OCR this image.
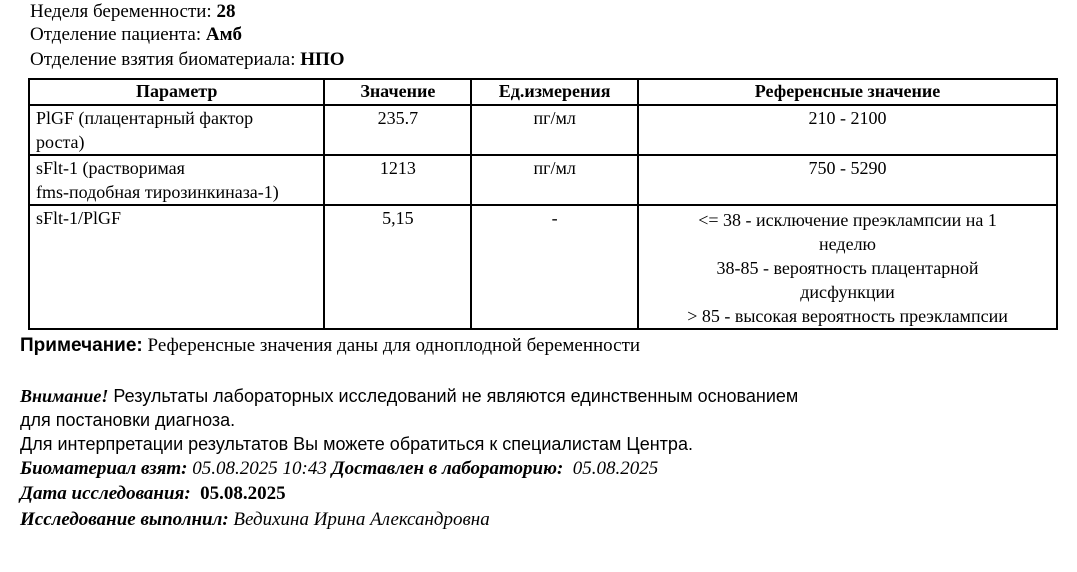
Неделя беременности: 28
Отделение пациента: Амб
Отделение взятия биоматериала: НПО
Параметр	Значение	Ед.измерения	Референсные значение
PlGF (плацентарный фактор
роста)	235.7	пг/мл	210 - 2100

sFlt-1 (растворимая
fms-подобная тирозинкиназа-1)	1213	пг/мл	750 - 5290

sFlt-1/PlGF	5,15	-	<= 38 - исключение преэклампсии на 1
неделю
38-85 - вероятность плацентарной
дисфункции
> 85 - высокая вероятность преэклампсии
Примечание: Референсные значения даны для одноплодной беременности
Внимание! Результаты лабораторных исследований не являются единственным основанием
для постановки диагноза.
Для интерпретации результатов Вы можете обратиться к специалистам Центра.
Биоматериал взят: 05.08.2025 10:43 Доставлен в лабораторию: 05.08.2025
Дата исследования: 05.08.2025
Исследование выполнил: Ведихина Ирина Александровна
